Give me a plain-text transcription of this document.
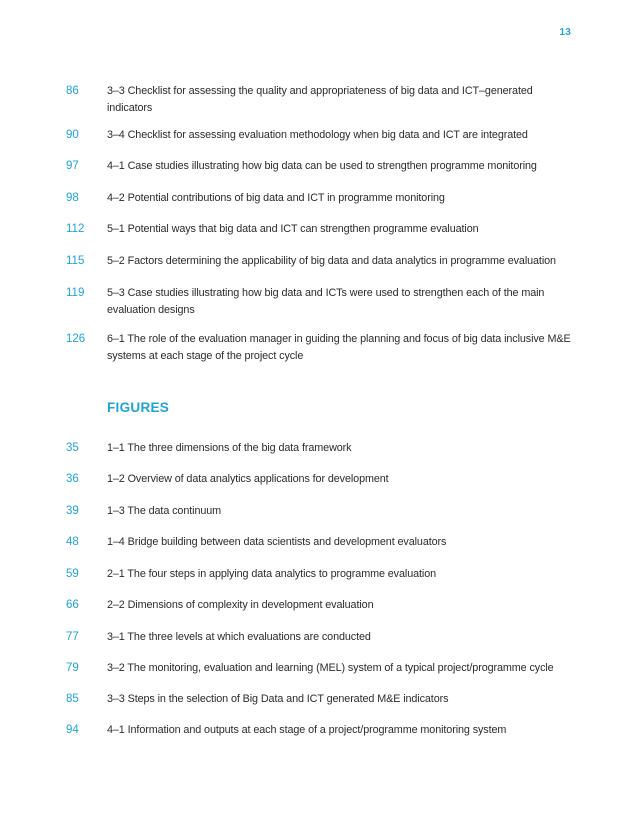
13
86	3–3 Checklist for assessing the quality and appropriateness of big data and ICT–generated indicators
90	3–4 Checklist for assessing evaluation methodology when big data and ICT are integrated
97	4–1 Case studies illustrating how big data can be used to strengthen programme monitoring
98	4–2 Potential contributions of big data and ICT in programme monitoring
112	5–1 Potential ways that big data and ICT can strengthen programme evaluation
115	5–2 Factors determining the applicability of big data and data analytics in programme evaluation
119	5–3 Case studies illustrating how big data and ICTs were used to strengthen each of the main evaluation designs
126	6–1 The role of the evaluation manager in guiding the planning and focus of big data inclusive M&E systems at each stage of the project cycle
FIGURES
35	1–1 The three dimensions of the big data framework
36	1–2 Overview of data analytics applications for development
39	1–3 The data continuum
48	1–4 Bridge building between data scientists and development evaluators
59	2–1 The four steps in applying data analytics to programme evaluation
66	2–2 Dimensions of complexity in development evaluation
77	3–1 The three levels at which evaluations are conducted
79	3–2 The monitoring, evaluation and learning (MEL) system of a typical project/programme cycle
85	3–3 Steps in the selection of Big Data and ICT generated M&E indicators
94	4–1 Information and outputs at each stage of a project/programme monitoring system
